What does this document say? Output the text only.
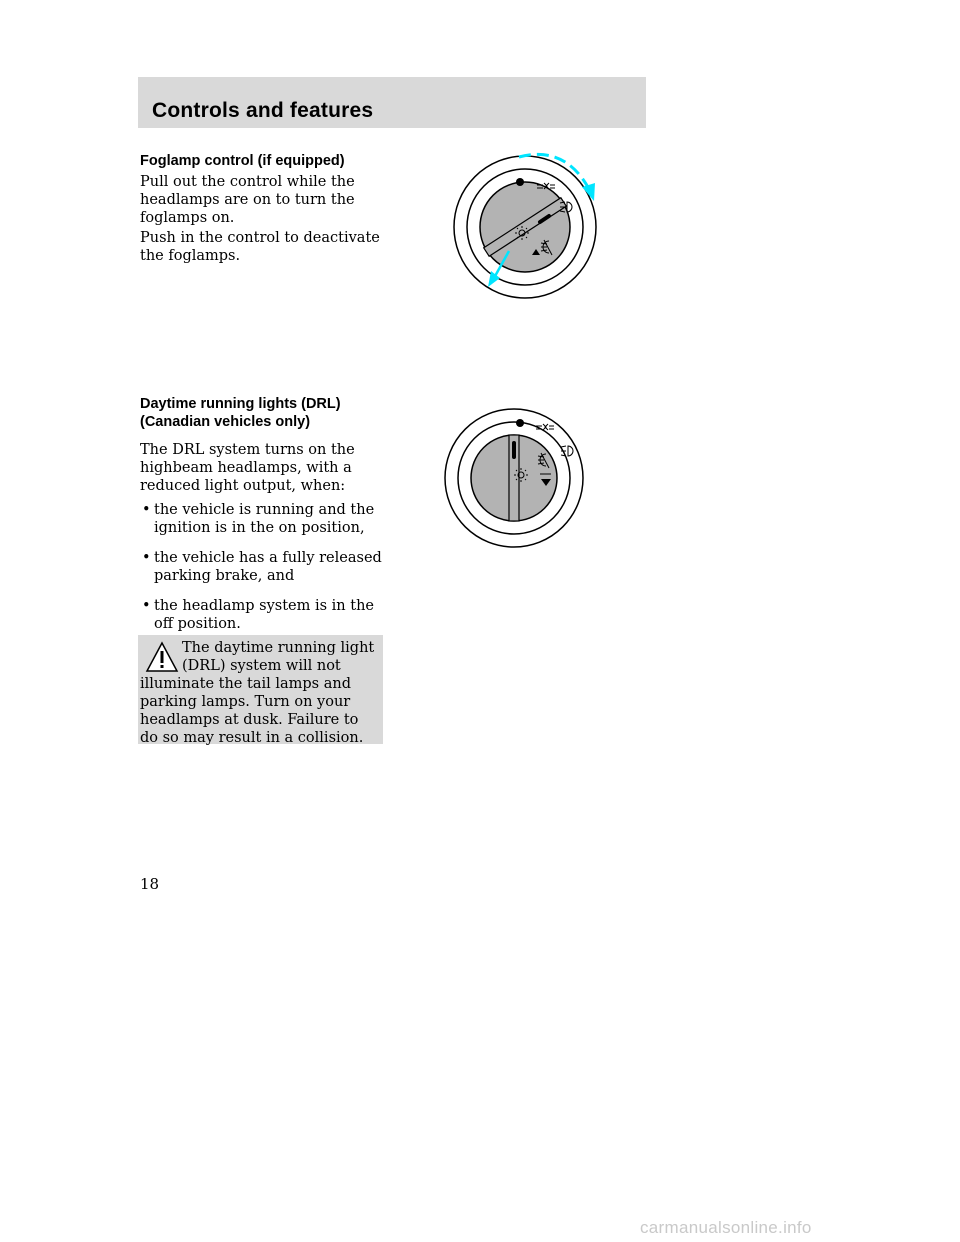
Controls and features
Foglamp control (if equipped)
Pull out the control while the headlamps are on to turn the foglamps on.
Push in the control to deactivate the foglamps.
Daytime running lights (DRL)
(Canadian vehicles only)
The DRL system turns on the highbeam headlamps, with a reduced light output, when:
• the vehicle is running and the ignition is in the on position,
• the vehicle has a fully released parking brake, and
• the headlamp system is in the off position.
The daytime running light
(DRL) system will not
illuminate the tail lamps and parking lamps. Turn on your headlamps at dusk. Failure to do so may result in a collision.
18
carmanualsonline.info
